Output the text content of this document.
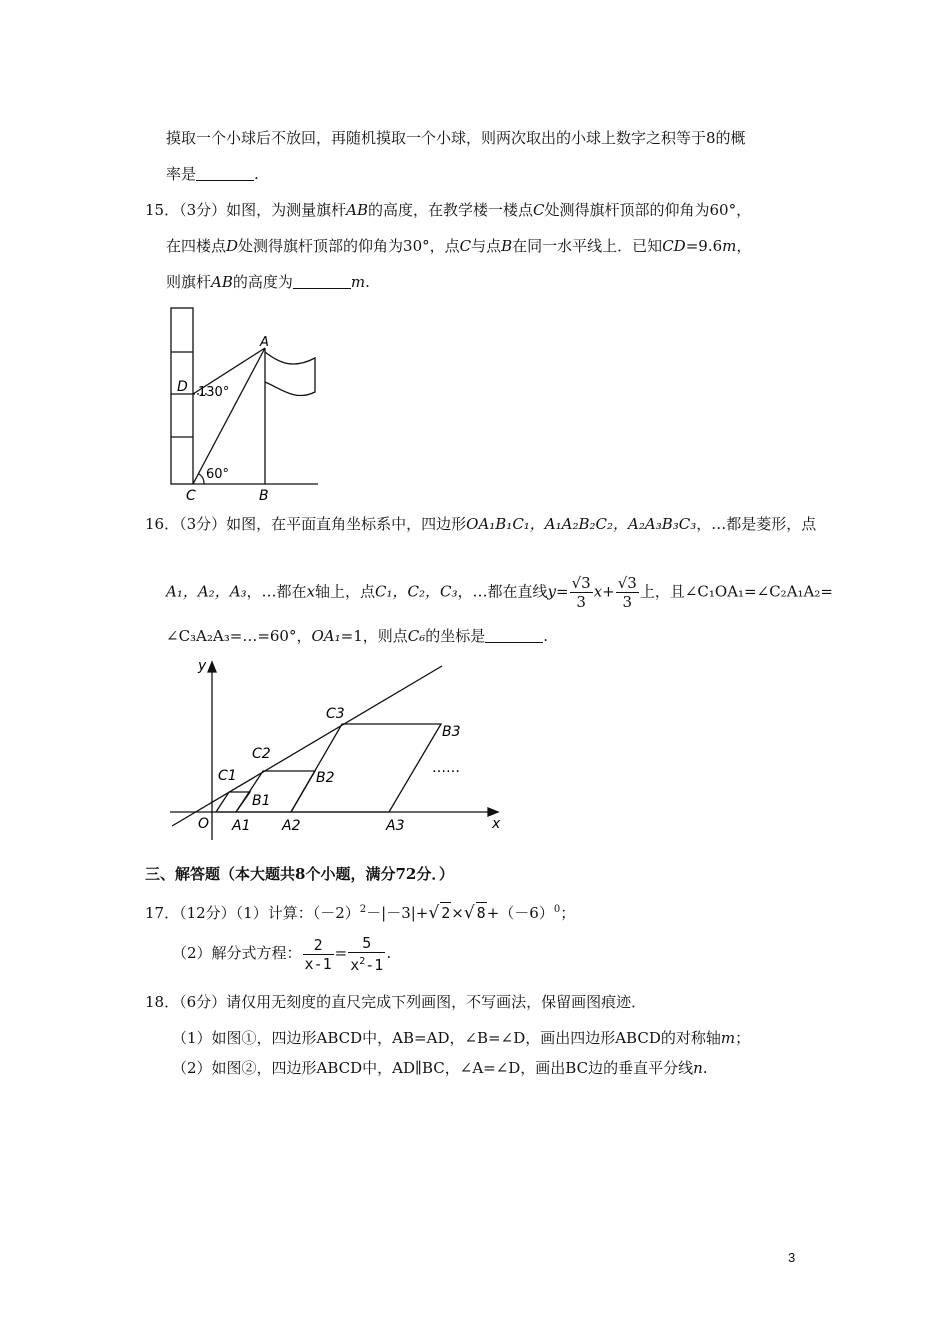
摸取一个小球后不放回，再随机摸取一个小球，则两次取出的小球上数字之积等于8的概
率是	.
15．（3分）如图，为测量旗杆AB的高度，在教学楼一楼点C处测得旗杆顶部的仰角为60°，
在四楼点D处测得旗杆顶部的仰角为30°，点C与点B在同一水平线上．已知CD=9.6m，
则旗杆AB的高度为	m.
A
D
C	B
130°
60°
16．（3分）如图，在平面直角坐标系中，四边形OA₁B₁C₁，A₁A₂B₂C₂，A₂A₃B₃C₃，…都是菱形，点
A₁，A₂，A₃，…都在x轴上，点C₁，C₂，C₃，…都在直线$y= \frac{√3}{3} x+ \frac{√3}{3}$ 上，且∠C₁OA₁=∠C₂A₁A₂=
∠C₃A₂A₃=…=60°，OA₁=1，则点C₆的坐标是	.
y
x
O A1 A2	A3
B1
B2
B3
C1
C2
C3
……
三、解答题（本大题共8个小题，满分72分．）
17．（12分）（1）计算：$(-2)^2-|-3|+√$ 2×√ $8+(-6)^0$；
（2）解分式方程： $\frac{2}{x-1} = \frac{5}{x^2-1}$ .
18．（6分）请仅用无刻度的直尺完成下列画图，不写画法，保留画图痕迹．
（1）如图①，四边形ABCD中，AB=AD，∠B=∠D，画出四边形ABCD的对称轴m；
（2）如图②，四边形ABCD中，AD∥BC，∠A=∠D，画出BC边的垂直平分线n.
3
